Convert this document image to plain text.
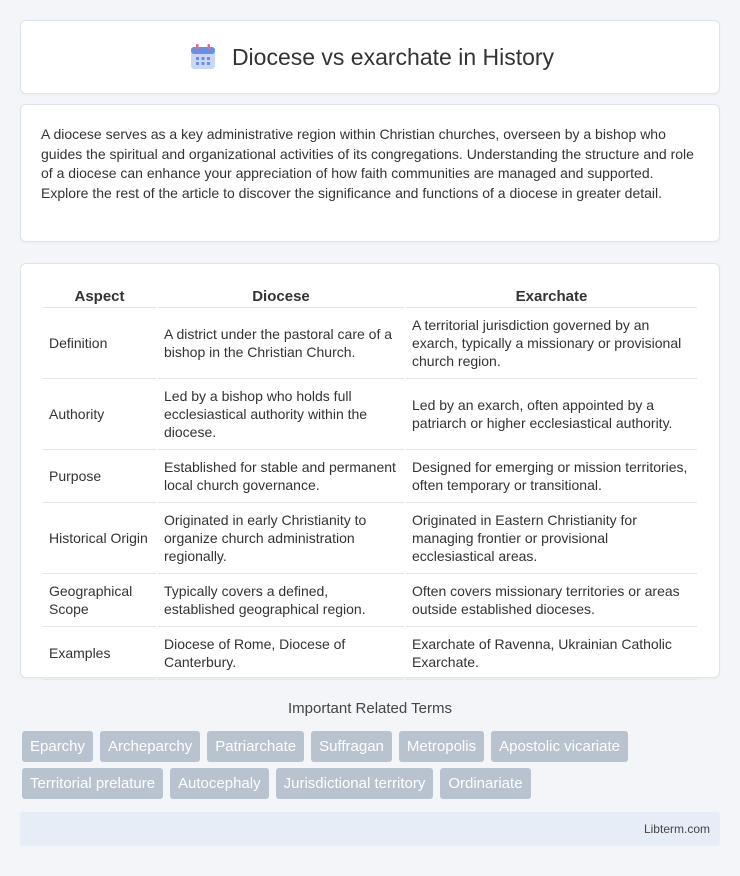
Diocese vs exarchate in History

A diocese serves as a key administrative region within Christian churches, overseen by a bishop who guides the spiritual and organizational activities of its congregations. Understanding the structure and role of a diocese can enhance your appreciation of how faith communities are managed and supported. Explore the rest of the article to discover the significance and functions of a diocese in greater detail.

Aspect	Diocese	Exarchate
Definition	A district under the pastoral care of a bishop in the Christian Church.	A territorial jurisdiction governed by an exarch, typically a missionary or provisional church region.
Authority	Led by a bishop who holds full ecclesiastical authority within the diocese.	Led by an exarch, often appointed by a patriarch or higher ecclesiastical authority.
Purpose	Established for stable and permanent local church governance.	Designed for emerging or mission territories, often temporary or transitional.
Historical Origin	Originated in early Christianity to organize church administration regionally.	Originated in Eastern Christianity for managing frontier or provisional ecclesiastical areas.
Geographical Scope	Typically covers a defined, established geographical region.	Often covers missionary territories or areas outside established dioceses.
Examples	Diocese of Rome, Diocese of Canterbury.	Exarchate of Ravenna, Ukrainian Catholic Exarchate.
Important Related Terms
Eparchy	Archeparchy	Patriarchate	Suffragan	Metropolis	Apostolic vicariate
Territorial prelature	Autocephaly	Jurisdictional territory	Ordinariate
Libterm.com
